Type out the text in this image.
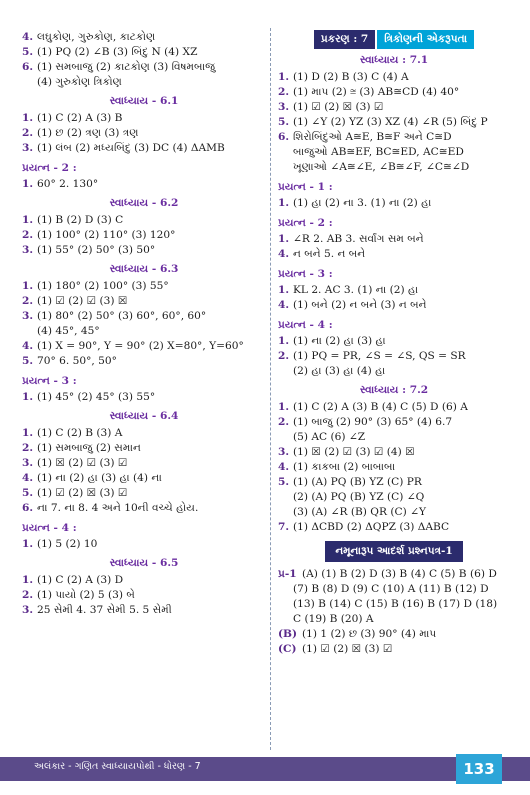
4. લઘુકોણ, ગુરુકોણ, કાટકોણ
5. (1) PQ (2) ∠B (3) બિંદુ N (4) XZ
6. (1) સમબાજુ (2) કાટકોણ (3) વિષમબાજુ
(4) ગુરુકોણ ત્રિકોણ
સ્વાધ્યાય - 6.1
1. (1) C (2) A (3) B
2. (1) છ (2) ત્રણ (3) ત્રણ
3. (1) લંબ (2) મધ્યબિંદુ (3) DC (4) ΔAMB
પ્રયત્ન - 2 :
1. 60° 2. 130°
સ્વાધ્યાય - 6.2
1. (1) B (2) D (3) C
2. (1) 100° (2) 110° (3) 120°
3. (1) 55° (2) 50° (3) 50°
સ્વાધ્યાય - 6.3
1. (1) 180° (2) 100° (3) 55°
2. (1) ☑ (2) ☑ (3) ☒
3. (1) 80° (2) 50° (3) 60°, 60°, 60°
(4) 45°, 45°
4. (1) X = 90°, Y = 90° (2) X=80°, Y=60°
5. 70° 6. 50°, 50°
પ્રયત્ન - 3 :
1. (1) 45° (2) 45° (3) 55°
સ્વાધ્યાય - 6.4
1. (1) C (2) B (3) A
2. (1) સમબાજુ (2) સમાન
3. (1) ☒ (2) ☑ (3) ☑
4. (1) ના (2) હા (3) હા (4) ના
5. (1) ☑ (2) ☒ (3) ☑
6. ના 7. ના 8. 4 અને 10ની વચ્ચે હોય.
પ્રયત્ન - 4 :
1. (1) 5 (2) 10
સ્વાધ્યાય - 6.5
1. (1) C (2) A (3) D
2. (1) પાયો (2) 5 (3) બે
3. 25 સેમી 4. 37 સેમી 5. 5 સેમી
પ્રકરણ : 7	ત્રિકોણની એકરૂપતા
સ્વાધ્યાય : 7.1
1. (1) D (2) B (3) C (4) A
2. (1) માપ (2) ≅ (3) AB≅CD (4) 40°
3. (1) ☑ (2) ☒ (3) ☑
5. (1) ∠Y (2) YZ (3) XZ (4) ∠R (5) બિંદુ P
6. શિરોબિંદુઓ A≅E, B≅F અને C≅D
બાજુઓ AB≅EF, BC≅ED, AC≅ED
ખૂણાઓ ∠A≅∠E, ∠B≅∠F, ∠C≅∠D
પ્રયત્ન - 1 :
1. (1) હા (2) ના 3. (1) ના (2) હા
પ્રયત્ન - 2 :
1. ∠R 2. AB 3. સર્વાંગ સમ બને
4. ન બને 5. ન બને
પ્રયત્ન - 3 :
1. KL 2. AC 3. (1) ના (2) હા
4. (1) બને (2) ન બને (3) ન બને
પ્રયત્ન - 4 :
1. (1) ના (2) હા (3) હા
2. (1) PQ = PR, ∠S = ∠S, QS = SR
(2) હા (3) હા (4) હા
સ્વાધ્યાય : 7.2
1. (1) C (2) A (3) B (4) C (5) D (6) A
2. (1) બાજુ (2) 90° (3) 65° (4) 6.7
(5) AC (6) ∠Z
3. (1) ☒ (2) ☑ (3) ☑ (4) ☒
4. (1) કાકબા (2) બાબાબા
5. (1) (A) PQ (B) YZ (C) PR
(2) (A) PQ (B) YZ (C) ∠Q
(3) (A) ∠R (B) QR (C) ∠Y
7. (1) ΔCBD (2) ΔQPZ (3) ΔABC
નમૂનારૂપ આદર્શ પ્રશ્નપત્ર-1
પ્ર-1 (A) (1) B (2) D (3) B (4) C (5) B (6) D
(7) B (8) D (9) C (10) A (11) B (12) D
(13) B (14) C (15) B (16) B (17) D (18)
C (19) B (20) A
(B) (1) 1 (2) છ (3) 90° (4) માપ
(C) (1) ☑ (2) ☒ (3) ☑
અલંકાર - ગણિત સ્વાધ્યાયપોથી - ધોરણ - 7	133
